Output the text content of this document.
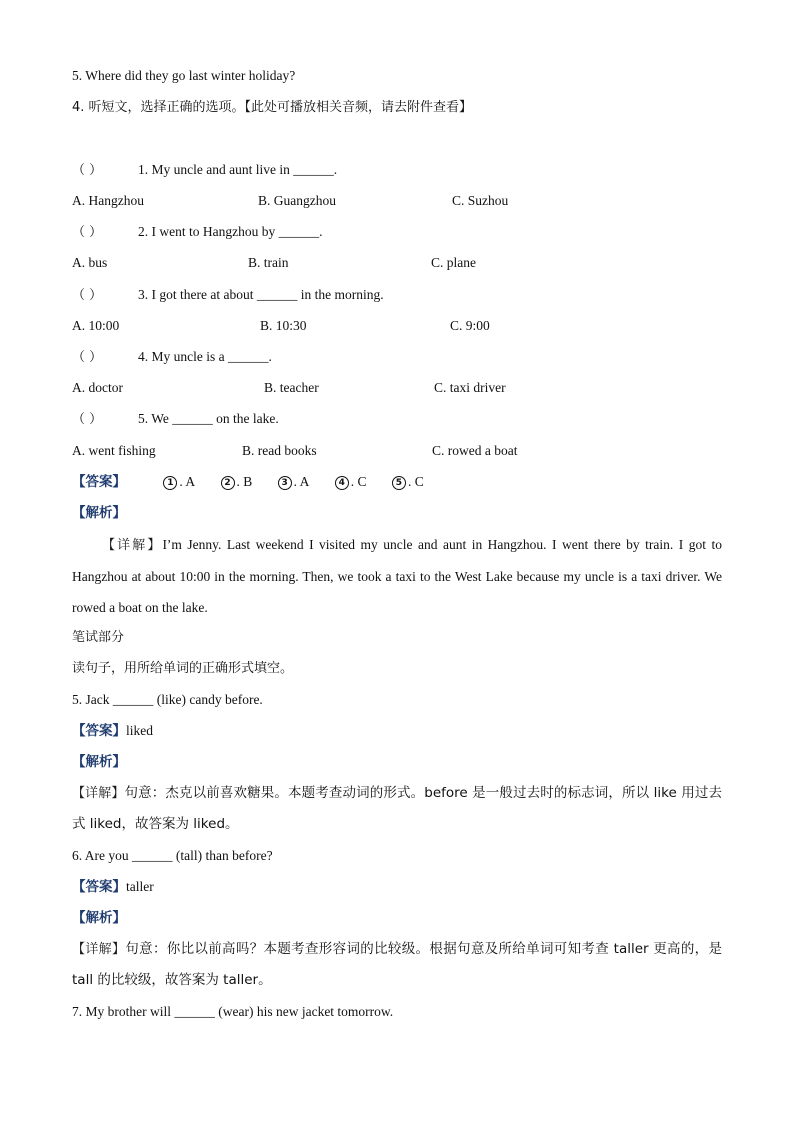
5. Where did they go last winter holiday?
4. 听短文，选择正确的选项。【此处可播放相关音频，请去附件查看】
（ ）	1. My uncle and aunt live in ______.
A. Hangzhou	B. Guangzhou	C. Suzhou
（ ）	2. I went to Hangzhou by ______.
A. bus	B. train	C. plane
（ ）	3. I got there at about ______ in the morning.
A. 10:00	B. 10:30	C. 9:00
（ ）	4. My uncle is a ______.
A. doctor	B. teacher	C. taxi driver
（ ）	5. We ______ on the lake.
A. went fishing	B. read books	C. rowed a boat
【答案】	1 . A	2 . B	3 . A	4 . C	5 . C
【解析】
【详解】I’m Jenny. Last weekend I visited my uncle and aunt in Hangzhou. I went there by train. I got to Hangzhou at about 10:00 in the morning. Then, we took a taxi to the West Lake because my uncle is a taxi driver. We rowed a boat on the lake.
笔试部分
读句子，用所给单词的正确形式填空。
5. Jack ______ (like) candy before.
【答案】liked
【解析】
【详解】句意：杰克以前喜欢糖果。本题考查动词的形式。before 是一般过去时的标志词，所以 like 用过去式 liked，故答案为 liked。
6. Are you ______ (tall) than before?
【答案】taller
【解析】
【详解】句意：你比以前高吗？本题考查形容词的比较级。根据句意及所给单词可知考查 taller 更高的，是 tall 的比较级，故答案为 taller。
7. My brother will ______ (wear) his new jacket tomorrow.
